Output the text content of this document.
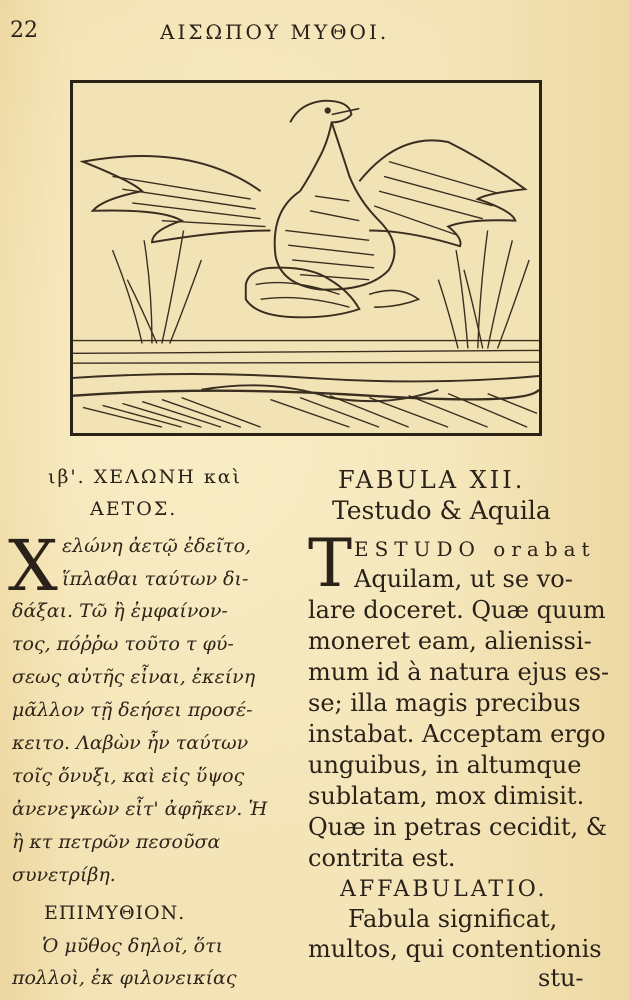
22	ΑΙΣΩΠΟΥ ΜΥΘΟΙ.
ιβ'. ΧΕΛΩΝΗ καὶ
ΑΕΤΟΣ.
Χ ελώνη ἀετῷ ἐδεῖτο,
ἵπλαθαι ταύτων δι-
δάξαι. Τῶ ἢ ἐμφαίνον-
τος, πόῤῥω τοῦτο τ φύ-
σεως αὐτῆς εἶναι, ἐκείνη
μᾶλλον τῇ δεήσει προσέ-
κειτο. Λαβὼν ἦν ταύτων
τοῖς ὄνυξι, καὶ εἰς ὕψος
ἀνενεγκὼν εἶτ' ἀφῆκεν. Ἡ
ἢ κτ πετρῶν πεσοῦσα
συνετρίβη.
ΕΠΙΜΥΘΙΟΝ.
Ὁ μῦθος δηλοῖ, ὅτι
πολλοὶ, ἐκ φιλονεικίας
FABULA XII.
Testudo & Aquila
T ESTUDO orabat
Aquilam, ut se vo-
lare doceret. Quæ quum
moneret eam, alienissi-
mum id à natura ejus es-
se; illa magis precibus
instabat. Acceptam ergo
unguibus, in altumque
sublatam, mox dimisit.
Quæ in petras cecidit, &
contrita est.
AFFABULATIO.
Fabula significat,
multos, qui contentionis
stu-
